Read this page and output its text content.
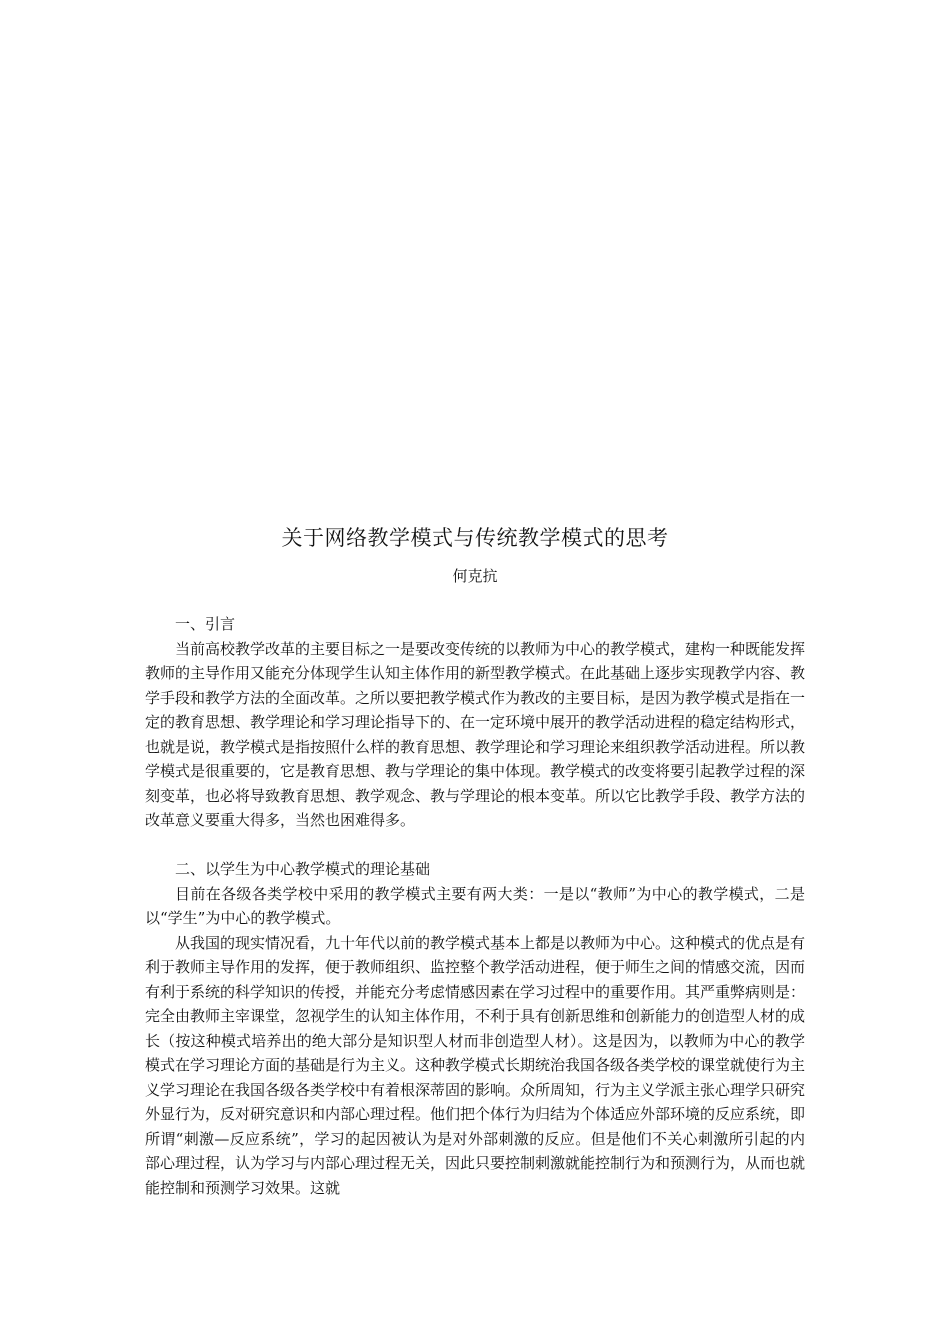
关于网络教学模式与传统教学模式的思考
何克抗

一、引言

当前高校教学改革的主要目标之一是要改变传统的以教师为中心的教学模式，建构一种既能发挥教师的主导作用又能充分体现学生认知主体作用的新型教学模式。在此基础上逐步实现教学内容、教学手段和教学方法的全面改革。之所以要把教学模式作为教改的主要目标，是因为教学模式是指在一定的教育思想、教学理论和学习理论指导下的、在一定环境中展开的教学活动进程的稳定结构形式，也就是说，教学模式是指按照什么样的教育思想、教学理论和学习理论来组织教学活动进程。所以教学模式是很重要的，它是教育思想、教与学理论的集中体现。教学模式的改变将要引起教学过程的深刻变革，也必将导致教育思想、教学观念、教与学理论的根本变革。所以它比教学手段、教学方法的改革意义要重大得多，当然也困难得多。

二、以学生为中心教学模式的理论基础

目前在各级各类学校中采用的教学模式主要有两大类：一是以“教师”为中心的教学模式，二是以“学生”为中心的教学模式。

从我国的现实情况看，九十年代以前的教学模式基本上都是以教师为中心。这种模式的优点是有利于教师主导作用的发挥，便于教师组织、监控整个教学活动进程，便于师生之间的情感交流，因而有利于系统的科学知识的传授，并能充分考虑情感因素在学习过程中的重要作用。其严重弊病则是：完全由教师主宰课堂，忽视学生的认知主体作用，不利于具有创新思维和创新能力的创造型人材的成长（按这种模式培养出的绝大部分是知识型人材而非创造型人材）。这是因为，以教师为中心的教学模式在学习理论方面的基础是行为主义。这种教学模式长期统治我国各级各类学校的课堂就使行为主义学习理论在我国各级各类学校中有着根深蒂固的影响。众所周知，行为主义学派主张心理学只研究外显行为，反对研究意识和内部心理过程。他们把个体行为归结为个体适应外部环境的反应系统，即所谓“刺激—反应系统”，学习的起因被认为是对外部刺激的反应。但是他们不关心刺激所引起的内部心理过程，认为学习与内部心理过程无关，因此只要控制刺激就能控制行为和预测行为，从而也就能控制和预测学习效果。这就
